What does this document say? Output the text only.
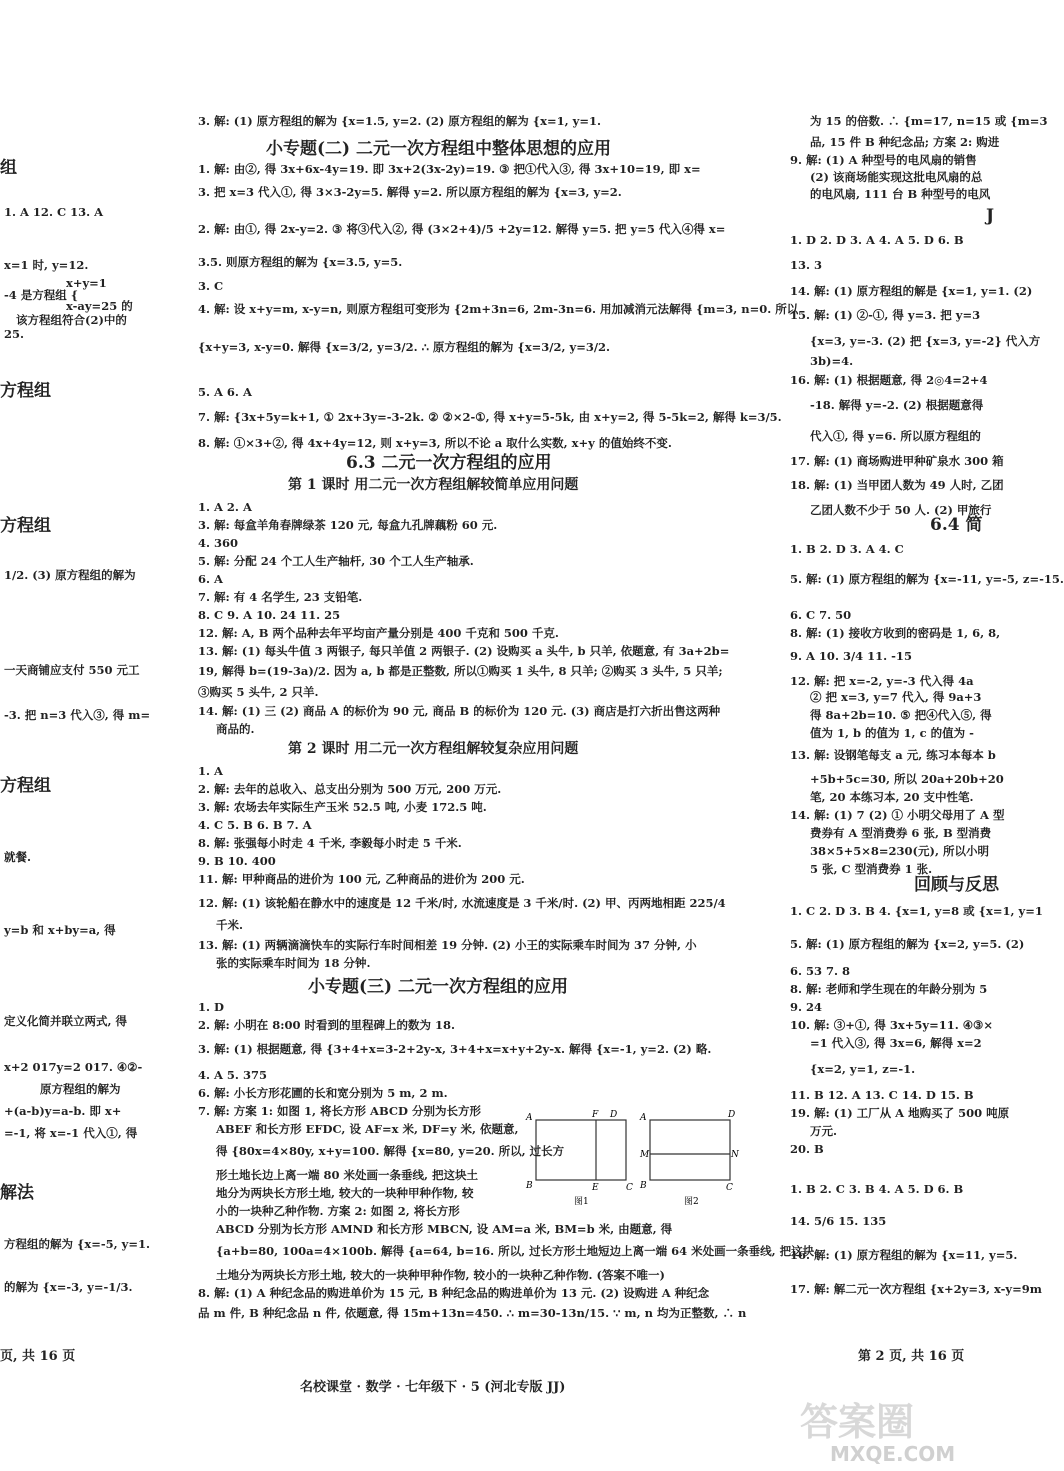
组
1. A 12. C 13. A
x=1 时, y=12.
x+y=1
-4 是方程组 {
x-ay=25 的
该方程组符合(2)中的
25.
方程组
方程组
1/2. (3) 原方程组的解为
一天商铺应支付 550 元工
-3. 把 n=3 代入③, 得 m=
方程组
就餐.
y=b 和 x+by=a, 得
定义化简并联立两式, 得
x+2 017y=2 017. ④②-
原方程组的解为
+(a-b)y=a-b. 即 x+
=-1, 将 x=-1 代入①, 得
解法
方程组的解为 {x=-5, y=1.
的解为 {x=-3, y=-1/3.
A	F D
B	E	C
图1
A	D
M	N
B	C
图2
3. 解: (1) 原方程组的解为 {x=1.5, y=2. (2) 原方程组的解为 {x=1, y=1.
小专题(二) 二元一次方程组中整体思想的应用
1. 解: 由②, 得 3x+6x-4y=19. 即 3x+2(3x-2y)=19. ③ 把①代入③, 得 3x+10=19, 即 x=
3. 把 x=3 代入①, 得 3×3-2y=5. 解得 y=2. 所以原方程组的解为 {x=3, y=2.
2. 解: 由①, 得 2x-y=2. ③ 将③代入②, 得 (3×2+4)/5 +2y=12. 解得 y=5. 把 y=5 代入④得 x=
3.5. 则原方程组的解为 {x=3.5, y=5.
3. C
4. 解: 设 x+y=m, x-y=n, 则原方程组可变形为 {2m+3n=6, 2m-3n=6. 用加减消元法解得 {m=3, n=0. 所以
{x+y=3, x-y=0. 解得 {x=3/2, y=3/2. ∴ 原方程组的解为 {x=3/2, y=3/2.
5. A 6. A
7. 解: {3x+5y=k+1, ① 2x+3y=-3-2k. ② ②×2-①, 得 x+y=5-5k, 由 x+y=2, 得 5-5k=2, 解得 k=3/5.
8. 解: ①×3+②, 得 4x+4y=12, 则 x+y=3, 所以不论 a 取什么实数, x+y 的值始终不变.
6.3 二元一次方程组的应用
第 1 课时 用二元一次方程组解较简单应用问题
1. A 2. A
3. 解: 每盒羊角春牌绿茶 120 元, 每盒九孔牌藕粉 60 元.
4. 360
5. 解: 分配 24 个工人生产轴杆, 30 个工人生产轴承.
6. A
7. 解: 有 4 名学生, 23 支铅笔.
8. C 9. A 10. 24 11. 25
12. 解: A, B 两个品种去年平均亩产量分别是 400 千克和 500 千克.
13. 解: (1) 每头牛值 3 两银子, 每只羊值 2 两银子. (2) 设购买 a 头牛, b 只羊, 依题意, 有 3a+2b=
19, 解得 b=(19-3a)/2. 因为 a, b 都是正整数, 所以①购买 1 头牛, 8 只羊; ②购买 3 头牛, 5 只羊;
③购买 5 头牛, 2 只羊.
14. 解: (1) 三 (2) 商品 A 的标价为 90 元, 商品 B 的标价为 120 元. (3) 商店是打六折出售这两种
商品的.
第 2 课时 用二元一次方程组解较复杂应用问题
1. A
2. 解: 去年的总收入、总支出分别为 500 万元, 200 万元.
3. 解: 农场去年实际生产玉米 52.5 吨, 小麦 172.5 吨.
4. C 5. B 6. B 7. A
8. 解: 张强每小时走 4 千米, 李毅每小时走 5 千米.
9. B 10. 400
11. 解: 甲种商品的进价为 100 元, 乙种商品的进价为 200 元.
12. 解: (1) 该轮船在静水中的速度是 12 千米/时, 水流速度是 3 千米/时. (2) 甲、丙两地相距 225/4
千米.
13. 解: (1) 两辆滴滴快车的实际行车时间相差 19 分钟. (2) 小王的实际乘车时间为 37 分钟, 小
张的实际乘车时间为 18 分钟.
小专题(三) 二元一次方程组的应用
1. D
2. 解: 小明在 8:00 时看到的里程碑上的数为 18.
3. 解: (1) 根据题意, 得 {3+4+x=3-2+2y-x, 3+4+x=x+y+2y-x. 解得 {x=-1, y=2. (2) 略.
4. A 5. 375
6. 解: 小长方形花圃的长和宽分别为 5 m, 2 m.
7. 解: 方案 1: 如图 1, 将长方形 ABCD 分别为长方形
ABEF 和长方形 EFDC, 设 AF=x 米, DF=y 米, 依题意,
得 {80x=4×80y, x+y=100. 解得 {x=80, y=20. 所以, 过长方
形土地长边上离一端 80 米处画一条垂线, 把这块土
地分为两块长方形土地, 较大的一块种甲种作物, 较
小的一块种乙种作物. 方案 2: 如图 2, 将长方形
ABCD 分别为长方形 AMND 和长方形 MBCN, 设 AM=a 米, BM=b 米, 由题意, 得
{a+b=80, 100a=4×100b. 解得 {a=64, b=16. 所以, 过长方形土地短边上离一端 64 米处画一条垂线, 把这块
土地分为两块长方形土地, 较大的一块种甲种作物, 较小的一块种乙种作物. (答案不唯一)
8. 解: (1) A 种纪念品的购进单价为 15 元, B 种纪念品的购进单价为 13 元. (2) 设购进 A 种纪念
品 m 件, B 种纪念品 n 件, 依题意, 得 15m+13n=450. ∴ m=30-13n/15. ∵ m, n 均为正整数, ∴ n
为 15 的倍数. ∴ {m=17, n=15 或 {m=3
品, 15 件 B 种纪念品; 方案 2: 购进
9. 解: (1) A 种型号的电风扇的销售
(2) 该商场能实现这批电风扇的总
的电风扇, 111 台 B 种型号的电风
1. D 2. D 3. A 4. A 5. D 6. B
13. 3
14. 解: (1) 原方程组的解是 {x=1, y=1. (2)
15. 解: (1) ②-①, 得 y=3. 把 y=3
{x=3, y=-3. (2) 把 {x=3, y=-2} 代入方
3b)=4.
16. 解: (1) 根据题意, 得 2◎4=2+4
-18. 解得 y=-2. (2) 根据题意得
代入①, 得 y=6. 所以原方程组的
17. 解: (1) 商场购进甲种矿泉水 300 箱
18. 解: (1) 当甲团人数为 49 人时, 乙团
乙团人数不少于 50 人. (2) 甲旅行
1. B 2. D 3. A 4. C
5. 解: (1) 原方程组的解为 {x=-11, y=-5, z=-15.
6. C 7. 50
8. 解: (1) 接收方收到的密码是 1, 6, 8,
9. A 10. 3/4 11. -15
12. 解: 把 x=-2, y=-3 代入得 4a
② 把 x=3, y=7 代入, 得 9a+3
得 8a+2b=10. ⑤ 把④代入⑤, 得
值为 1, b 的值为 1, c 的值为 -
13. 解: 设钢笔每支 a 元, 练习本每本 b
+5b+5c=30, 所以 20a+20b+20
笔, 20 本练习本, 20 支中性笔.
14. 解: (1) 7 (2) ① 小明父母用了 A 型
费券有 A 型消费券 6 张, B 型消费
38×5+5×8=230(元), 所以小明
5 张, C 型消费券 1 张.
1. C 2. D 3. B 4. {x=1, y=8 或 {x=1, y=1
5. 解: (1) 原方程组的解为 {x=2, y=5. (2)
6. 53 7. 8
8. 解: 老师和学生现在的年龄分别为 5
9. 24
10. 解: ③+①, 得 3x+5y=11. ④③×
=1 代入③, 得 3x=6, 解得 x=2
{x=2, y=1, z=-1.
11. B 12. A 13. C 14. D 15. B
19. 解: (1) 工厂从 A 地购买了 500 吨原
万元.
20. B
1. B 2. C 3. B 4. A 5. D 6. B
14. 5/6 15. 135
16. 解: (1) 原方程组的解为 {x=11, y=5.
17. 解: 解二元一次方程组 {x+2y=3, x-y=9m
J
6.4 简
回顾与反思
页, 共 16 页
名校课堂 · 数学 · 七年级下 · 5 (河北专版 JJ)
第 2 页, 共 16 页
答案圈
MXQE.COM
